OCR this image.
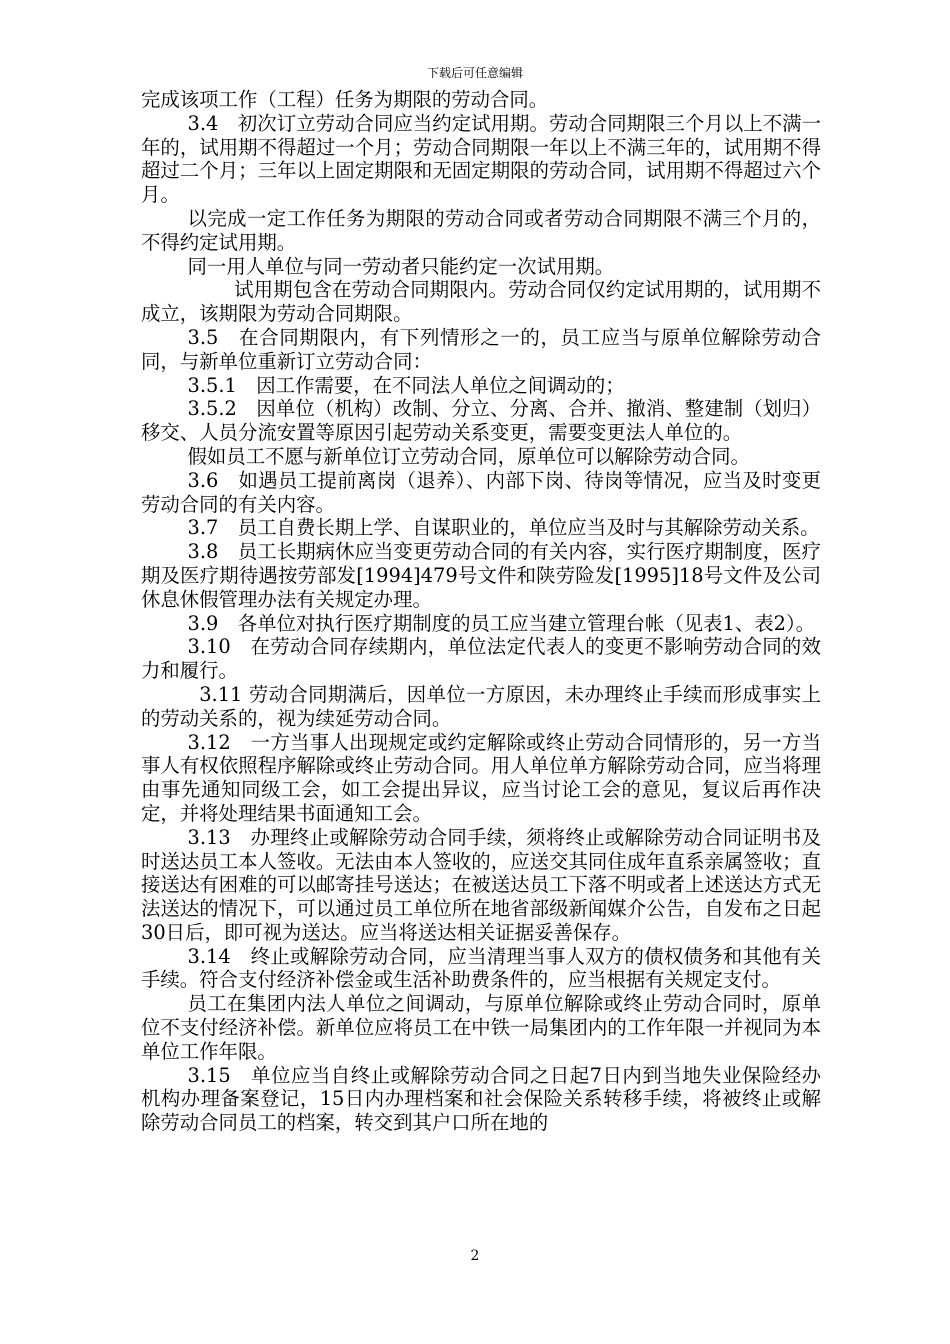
下载后可任意编辑

完成该项工作（工程）任务为期限的劳动合同。

3.4　初次订立劳动合同应当约定试用期。劳动合同期限三个月以上不满一年的，试用期不得超过一个月；劳动合同期限一年以上不满三年的，试用期不得超过二个月；三年以上固定期限和无固定期限的劳动合同，试用期不得超过六个月。

以完成一定工作任务为期限的劳动合同或者劳动合同期限不满三个月的，不得约定试用期。

同一用人单位与同一劳动者只能约定一次试用期。

试用期包含在劳动合同期限内。劳动合同仅约定试用期的，试用期不成立，该期限为劳动合同期限。

3.5　在合同期限内，有下列情形之一的，员工应当与原单位解除劳动合同，与新单位重新订立劳动合同：

3.5.1　因工作需要，在不同法人单位之间调动的；

3.5.2　因单位（机构）改制、分立、分离、合并、撤消、整建制（划归）移交、人员分流安置等原因引起劳动关系变更，需要变更法人单位的。

假如员工不愿与新单位订立劳动合同，原单位可以解除劳动合同。

3.6　如遇员工提前离岗（退养）、内部下岗、待岗等情况，应当及时变更劳动合同的有关内容。

3.7　员工自费长期上学、自谋职业的，单位应当及时与其解除劳动关系。

3.8　员工长期病休应当变更劳动合同的有关内容，实行医疗期制度，医疗期及医疗期待遇按劳部发[1994]479号文件和陕劳险发[1995]18号文件及公司休息休假管理办法有关规定办理。

3.9　各单位对执行医疗期制度的员工应当建立管理台帐（见表1、表2）。

3.10　在劳动合同存续期内，单位法定代表人的变更不影响劳动合同的效力和履行。

3.11 劳动合同期满后，因单位一方原因，未办理终止手续而形成事实上的劳动关系的，视为续延劳动合同。

3.12　一方当事人出现规定或约定解除或终止劳动合同情形的，另一方当事人有权依照程序解除或终止劳动合同。用人单位单方解除劳动合同，应当将理由事先通知同级工会，如工会提出异议，应当讨论工会的意见，复议后再作决定，并将处理结果书面通知工会。

3.13　办理终止或解除劳动合同手续，须将终止或解除劳动合同证明书及时送达员工本人签收。无法由本人签收的，应送交其同住成年直系亲属签收；直接送达有困难的可以邮寄挂号送达；在被送达员工下落不明或者上述送达方式无法送达的情况下，可以通过员工单位所在地省部级新闻媒介公告，自发布之日起30日后，即可视为送达。应当将送达相关证据妥善保存。

3.14　终止或解除劳动合同，应当清理当事人双方的债权债务和其他有关手续。符合支付经济补偿金或生活补助费条件的，应当根据有关规定支付。

员工在集团内法人单位之间调动，与原单位解除或终止劳动合同时，原单位不支付经济补偿。新单位应将员工在中铁一局集团内的工作年限一并视同为本单位工作年限。

3.15　单位应当自终止或解除劳动合同之日起7日内到当地失业保险经办机构办理备案登记，15日内办理档案和社会保险关系转移手续，将被终止或解除劳动合同员工的档案，转交到其户口所在地的

2
